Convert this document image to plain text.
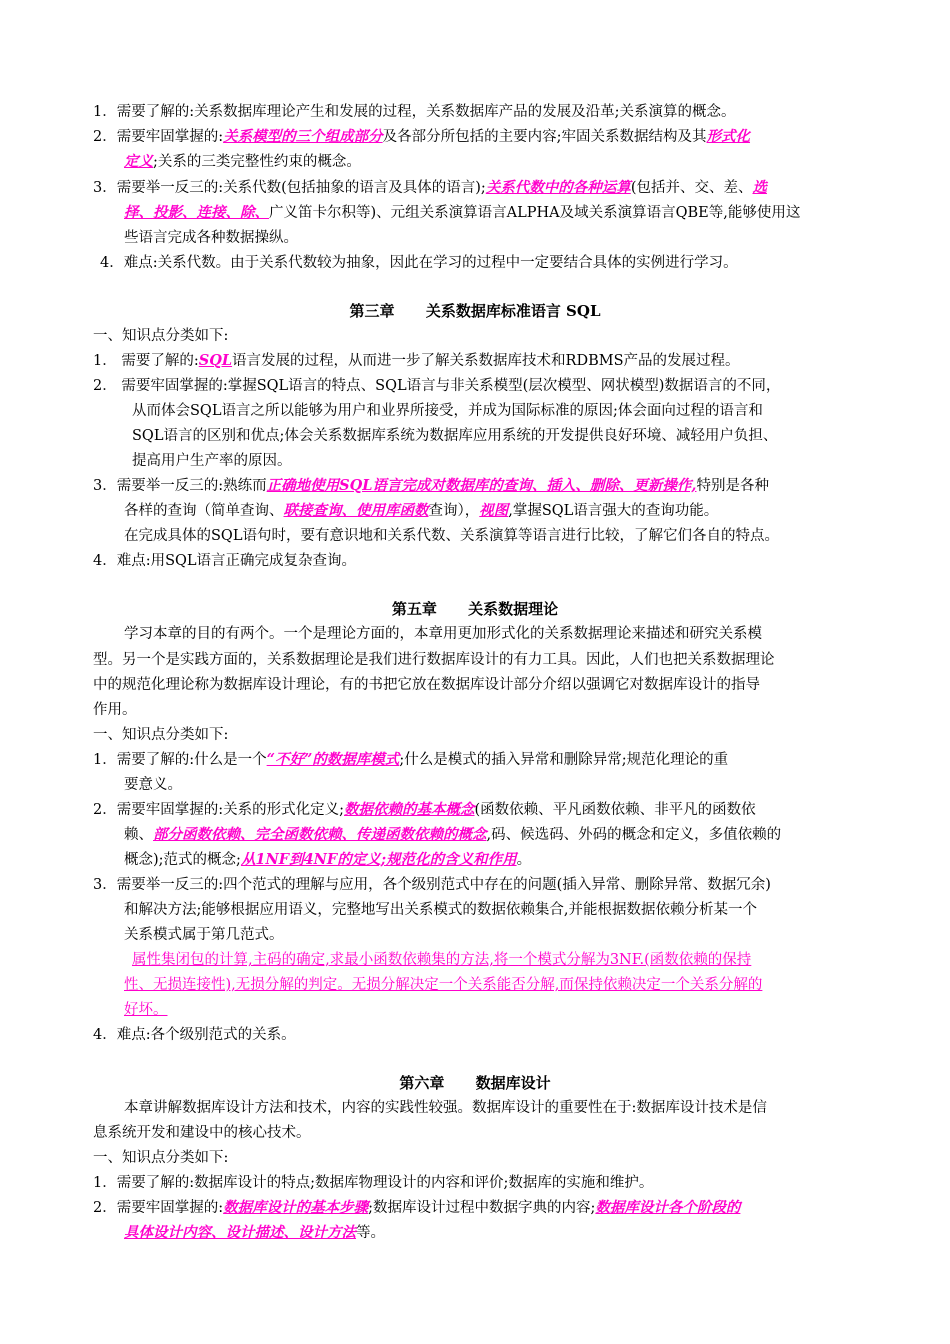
1．需要了解的:关系数据库理论产生和发展的过程，关系数据库产品的发展及沿革;关系演算的概念。
2．需要牢固掌握的:关系模型的三个组成部分及各部分所包括的主要内容;牢固关系数据结构及其形式化
定义;关系的三类完整性约束的概念。
3．需要举一反三的:关系代数(包括抽象的语言及具体的语言);关系代数中的各种运算(包括并、交、差、选
择、投影、连接、除、广义笛卡尔积等)、元组关系演算语言ALPHA及域关系演算语言QBE等,能够使用这
些语言完成各种数据操纵。
4．难点:关系代数。由于关系代数较为抽象，因此在学习的过程中一定要结合具体的实例进行学习。
第三章      关系数据库标准语言 SQL
一、知识点分类如下:
1． 需要了解的:SQL语言发展的过程，从而进一步了解关系数据库技术和RDBMS产品的发展过程。
2． 需要牢固掌握的:掌握SQL语言的特点、SQL语言与非关系模型(层次模型、网状模型)数据语言的不同，
从而体会SQL语言之所以能够为用户和业界所接受，并成为国际标准的原因;体会面向过程的语言和
SQL语言的区别和优点;体会关系数据库系统为数据库应用系统的开发提供良好环境、减轻用户负担、
提高用户生产率的原因。
3．需要举一反三的:熟练而正确地使用SQL语言完成对数据库的查询、插入、删除、更新操作,特别是各种
各样的查询（简单查询、联接查询、使用库函数查询），视图,掌握SQL语言强大的查询功能。
在完成具体的SQL语句时，要有意识地和关系代数、关系演算等语言进行比较，了解它们各自的特点。
4．难点:用SQL语言正确完成复杂查询。
第五章      关系数据理论
学习本章的目的有两个。一个是理论方面的，本章用更加形式化的关系数据理论来描述和研究关系模
型。另一个是实践方面的，关系数据理论是我们进行数据库设计的有力工具。因此，人们也把关系数据理论
中的规范化理论称为数据库设计理论，有的书把它放在数据库设计部分介绍以强调它对数据库设计的指导
作用。
一、知识点分类如下:
1．需要了解的:什么是一个“不好”的数据库模式;什么是模式的插入异常和删除异常;规范化理论的重
要意义。
2．需要牢固掌握的:关系的形式化定义;数据依赖的基本概念(函数依赖、平凡函数依赖、非平凡的函数依
赖、部分函数依赖、完全函数依赖、传递函数依赖的概念,码、候选码、外码的概念和定义，多值依赖的
概念);范式的概念;从1NF到4NF的定义;规范化的含义和作用。
3．需要举一反三的:四个范式的理解与应用，各个级别范式中存在的问题(插入异常、删除异常、数据冗余)
和解决方法;能够根据应用语义，完整地写出关系模式的数据依赖集合,并能根据数据依赖分析某一个
关系模式属于第几范式。
属性集闭包的计算,主码的确定,求最小函数依赖集的方法,将一个模式分解为3NF.(函数依赖的保持
性、无损连接性),无损分解的判定。无损分解决定一个关系能否分解,而保持依赖决定一个关系分解的
好坏。
4．难点:各个级别范式的关系。
第六章      数据库设计
本章讲解数据库设计方法和技术，内容的实践性较强。数据库设计的重要性在于:数据库设计技术是信
息系统开发和建设中的核心技术。
一、知识点分类如下:
1．需要了解的:数据库设计的特点;数据库物理设计的内容和评价;数据库的实施和维护。
2．需要牢固掌握的:数据库设计的基本步骤;数据库设计过程中数据字典的内容;数据库设计各个阶段的
具体设计内容、设计描述、设计方法等。
